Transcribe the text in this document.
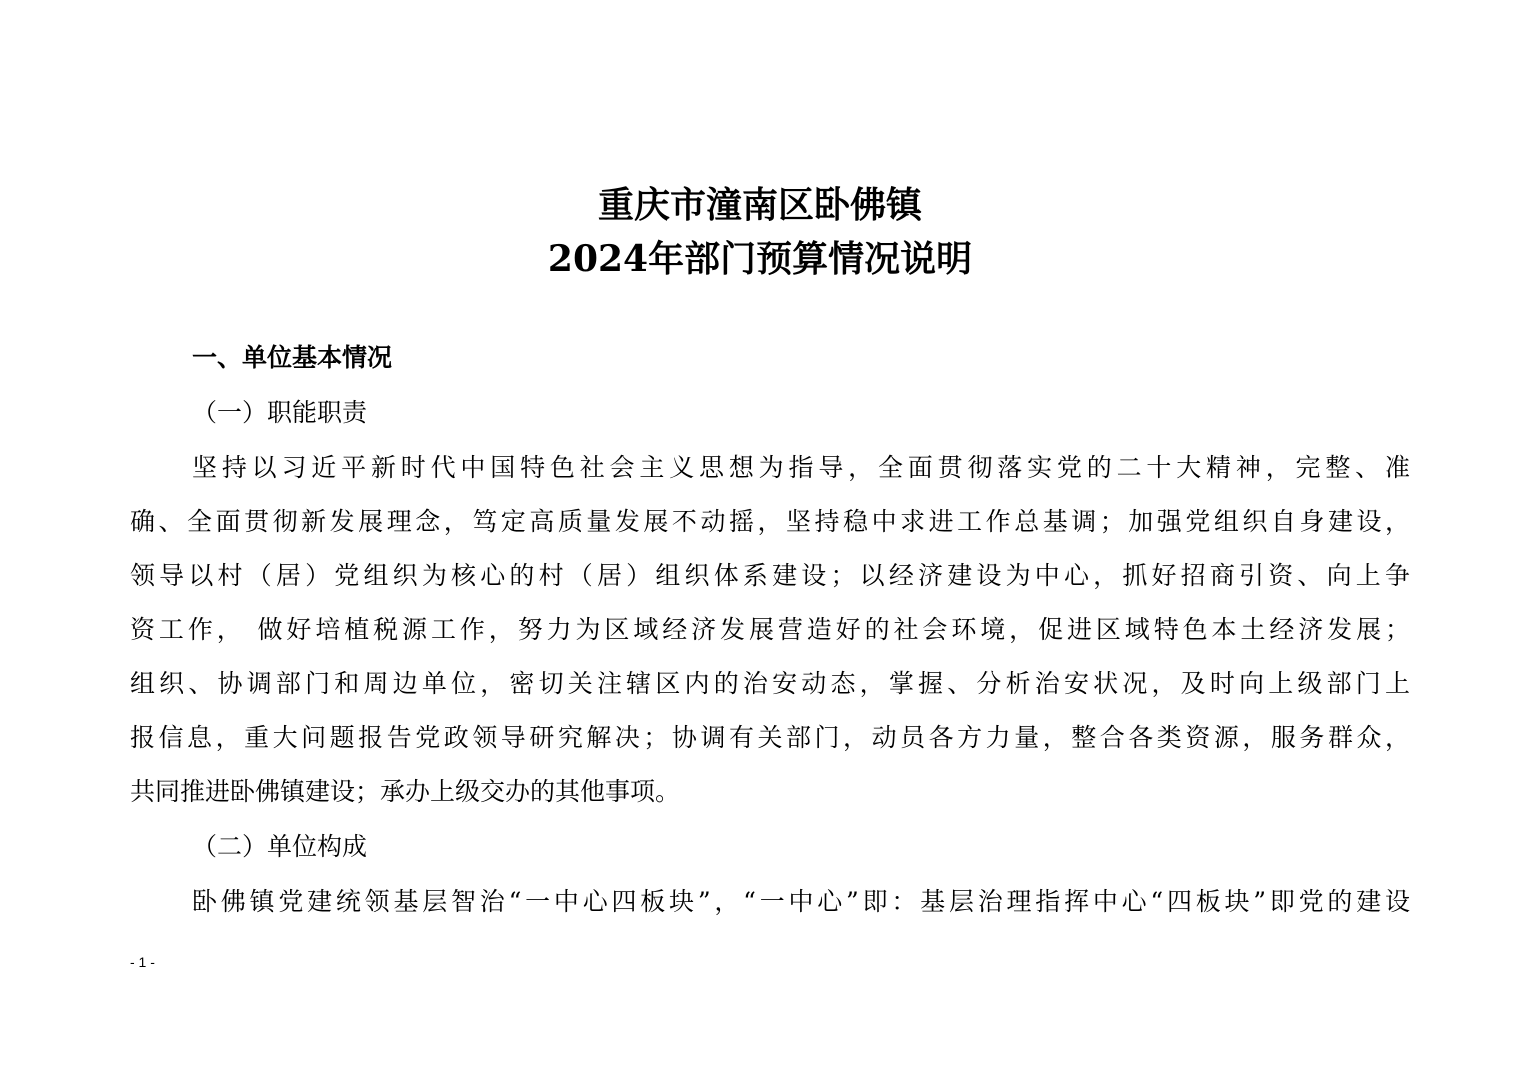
重庆市潼南区卧佛镇
2024年部门预算情况说明
一、单位基本情况
（一）职能职责
坚持以习近平新时代中国特色社会主义思想为指导，全面贯彻落实党的二十大精神，完整、准
确、全面贯彻新发展理念，笃定高质量发展不动摇，坚持稳中求进工作总基调；加强党组织自身建设，
领导以村（居）党组织为核心的村（居）组织体系建设；以经济建设为中心，抓好招商引资、向上争
资工作， 做好培植税源工作，努力为区域经济发展营造好的社会环境，促进区域特色本土经济发展；
组织、协调部门和周边单位，密切关注辖区内的治安动态，掌握、分析治安状况，及时向上级部门上
报信息，重大问题报告党政领导研究解决；协调有关部门，动员各方力量，整合各类资源，服务群众，
共同推进卧佛镇建设；承办上级交办的其他事项。
（二）单位构成
卧佛镇党建统领基层智治“一中心四板块”，“一中心”即：基层治理指挥中心“四板块”即党的建设
- 1 -
